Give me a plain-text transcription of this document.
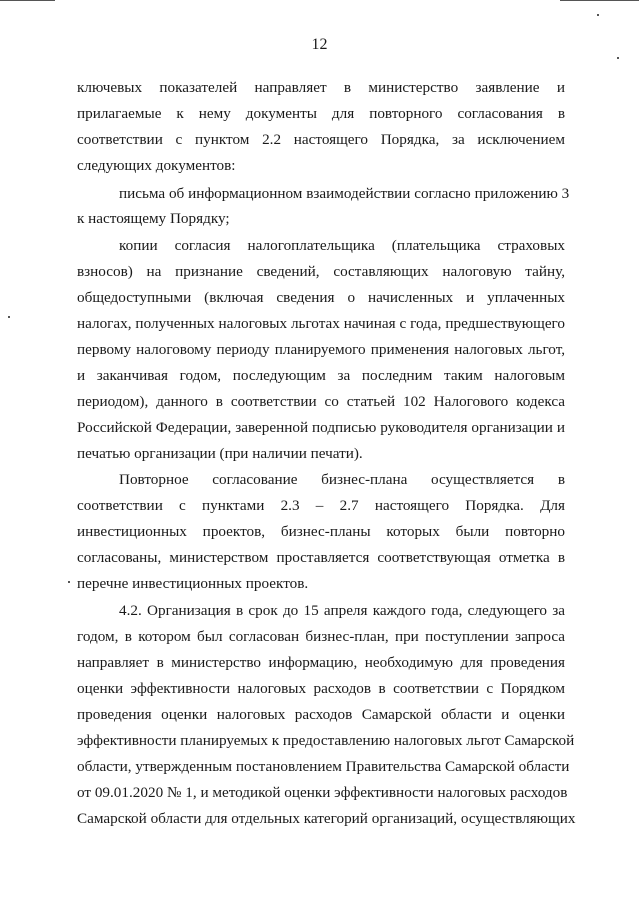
12
ключевых показателей направляет в министерство заявление и
прилагаемые к нему документы для повторного согласования в
соответствии с пунктом 2.2 настоящего Порядка, за исключением
следующих документов:
письма об информационном взаимодействии согласно приложению 3
к настоящему Порядку;
копии согласия налогоплательщика (плательщика страховых
взносов) на признание сведений, составляющих налоговую тайну,
общедоступными (включая сведения о начисленных и уплаченных
налогах, полученных налоговых льготах начиная с года, предшествующего
первому налоговому периоду планируемого применения налоговых льгот,
и заканчивая годом, последующим за последним таким налоговым
периодом), данного в соответствии со статьей 102 Налогового кодекса
Российской Федерации, заверенной подписью руководителя организации и
печатью организации (при наличии печати).
Повторное согласование бизнес-плана осуществляется в
соответствии с пунктами 2.3 – 2.7 настоящего Порядка. Для
инвестиционных проектов, бизнес-планы которых были повторно
согласованы, министерством проставляется соответствующая отметка в
перечне инвестиционных проектов.
4.2. Организация в срок до 15 апреля каждого года, следующего за
годом, в котором был согласован бизнес-план, при поступлении запроса
направляет в министерство информацию, необходимую для проведения
оценки эффективности налоговых расходов в соответствии с Порядком
проведения оценки налоговых расходов Самарской области и оценки
эффективности планируемых к предоставлению налоговых льгот Самарской
области, утвержденным постановлением Правительства Самарской области
от 09.01.2020 № 1, и методикой оценки эффективности налоговых расходов
Самарской области для отдельных категорий организаций, осуществляющих
